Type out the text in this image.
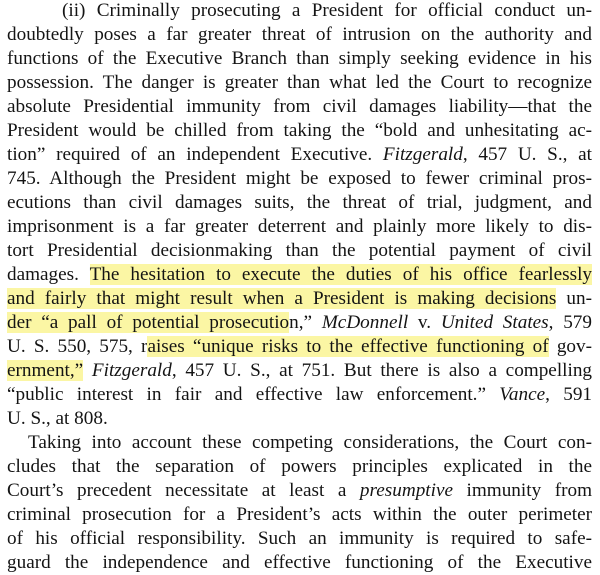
(ii) Criminally prosecuting a President for official conduct un-
doubtedly poses a far greater threat of intrusion on the authority and
functions of the Executive Branch than simply seeking evidence in his
possession. The danger is greater than what led the Court to recognize
absolute Presidential immunity from civil damages liability—that the
President would be chilled from taking the “bold and unhesitating ac-
tion” required of an independent Executive. Fitzgerald, 457 U. S., at
745. Although the President might be exposed to fewer criminal pros-
ecutions than civil damages suits, the threat of trial, judgment, and
imprisonment is a far greater deterrent and plainly more likely to dis-
tort Presidential decisionmaking than the potential payment of civil
damages. The hesitation to execute the duties of his office fearlessly
and fairly that might result when a President is making decisions un-
der “a pall of potential prosecution,” McDonnell v. United States, 579
U. S. 550, 575, raises “unique risks to the effective functioning of gov-
ernment,” Fitzgerald, 457 U. S., at 751. But there is also a compelling
“public interest in fair and effective law enforcement.” Vance, 591
U. S., at 808.
Taking into account these competing considerations, the Court con-
cludes that the separation of powers principles explicated in the
Court’s precedent necessitate at least a presumptive immunity from
criminal prosecution for a President’s acts within the outer perimeter
of his official responsibility. Such an immunity is required to safe-
guard the independence and effective functioning of the Executive
